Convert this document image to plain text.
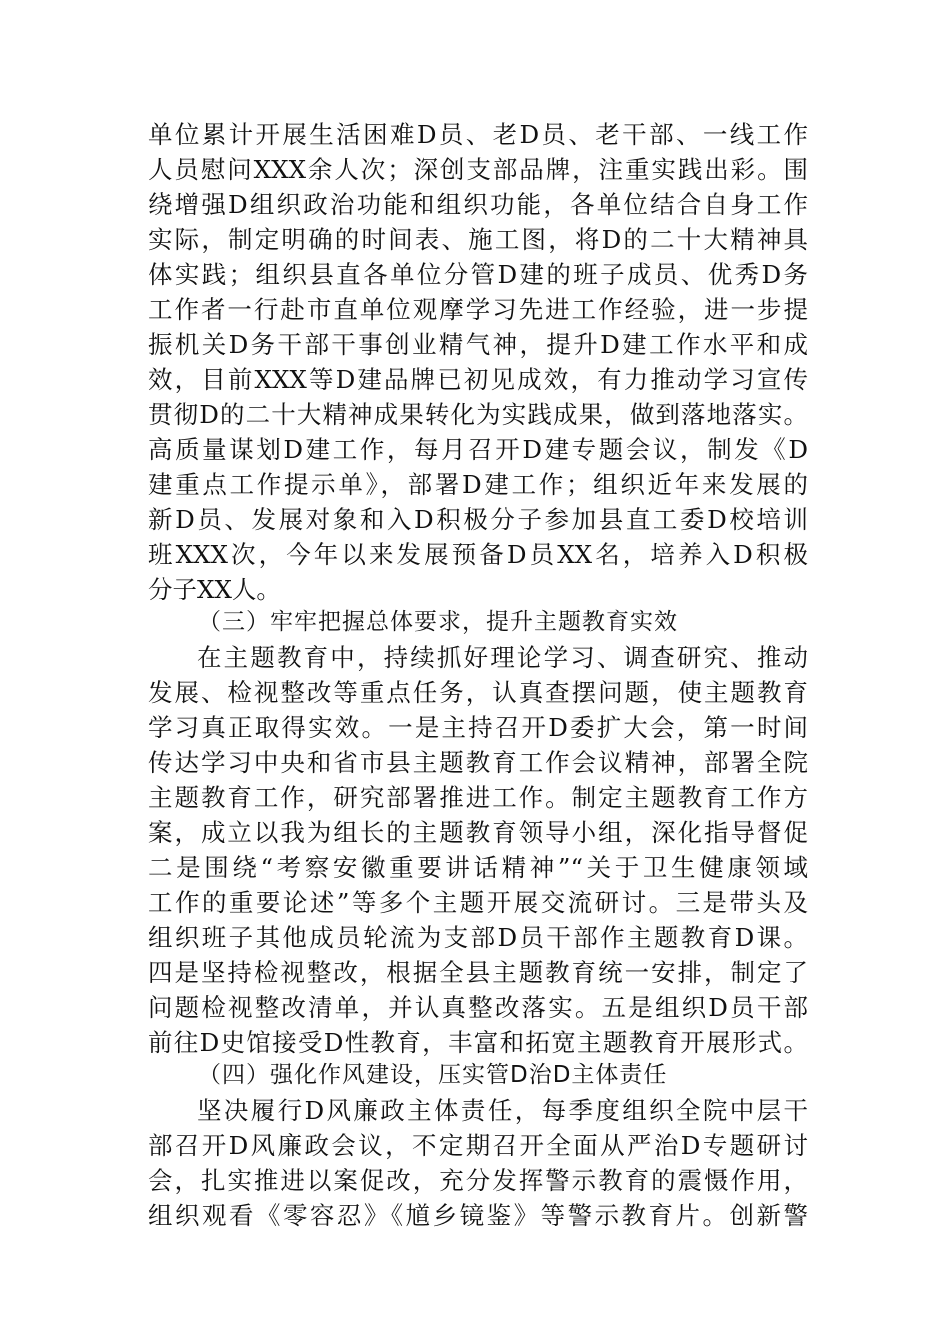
单位累计开展生活困难D员、老D员、老干部、一线工作
人员慰问XXX余人次；深创支部品牌，注重实践出彩。围
绕增强D组织政治功能和组织功能，各单位结合自身工作
实际，制定明确的时间表、施工图，将D的二十大精神具
体实践；组织县直各单位分管D建的班子成员、优秀D务
工作者一行赴市直单位观摩学习先进工作经验，进一步提
振机关D务干部干事创业精气神，提升D建工作水平和成
效，目前XXX等D建品牌已初见成效，有力推动学习宣传
贯彻D的二十大精神成果转化为实践成果，做到落地落实。
高质量谋划D建工作，每月召开D建专题会议，制发《D
建重点工作提示单》，部署D建工作；组织近年来发展的
新D员、发展对象和入D积极分子参加县直工委D校培训
班XXX次，今年以来发展预备D员XX名，培养入D积极
分子XX人。
（三）牢牢把握总体要求，提升主题教育实效
在主题教育中，持续抓好理论学习、调查研究、推动
发展、检视整改等重点任务，认真查摆问题，使主题教育
学习真正取得实效。一是主持召开D委扩大会，第一时间
传达学习中央和省市县主题教育工作会议精神，部署全院
主题教育工作，研究部署推进工作。制定主题教育工作方
案，成立以我为组长的主题教育领导小组，深化指导督促
二是围绕“考察安徽重要讲话精神”“关于卫生健康领域
工作的重要论述”等多个主题开展交流研讨。三是带头及
组织班子其他成员轮流为支部D员干部作主题教育D课。
四是坚持检视整改，根据全县主题教育统一安排，制定了
问题检视整改清单，并认真整改落实。五是组织D员干部
前往D史馆接受D性教育，丰富和拓宽主题教育开展形式。
（四）强化作风建设，压实管D治D主体责任
坚决履行D风廉政主体责任，每季度组织全院中层干
部召开D风廉政会议，不定期召开全面从严治D专题研讨
会，扎实推进以案促改，充分发挥警示教育的震慑作用，
组织观看《零容忍》《馗乡镜鉴》等警示教育片。创新警
